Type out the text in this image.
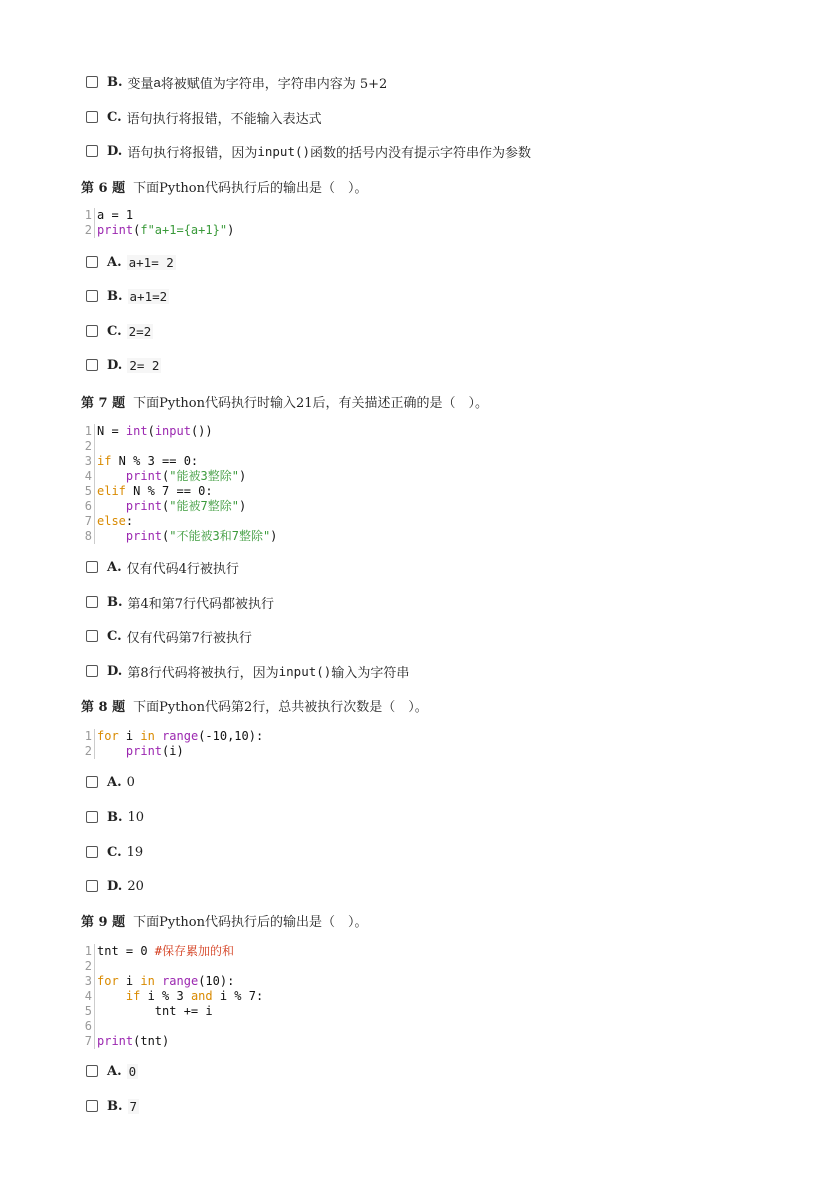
B. 变量 a 将被赋值为字符串，字符串内容为 5+2
C. 语句执行将报错，不能输入表达式
D. 语句执行将报错，因为 input() 函数的括号内没有提示字符串作为参数
第 6 题 下面Python代码执行后的输出是（　）。
1 a = 1
2 print(f"a+1={a+1}")
A. a+1= 2
B. a+1=2
C. 2=2
D. 2= 2
第 7 题 下面Python代码执行时输入21后，有关描述正确的是（　）。
1 N = int(input())
2
3 if N % 3 == 0:
4	print("能被3整除")
5 elif N % 7 == 0:
6	print("能被7整除")
7 else:
8	print("不能被3和7整除")
A. 仅有代码4行被执行
B. 第4和第7行代码都被执行
C. 仅有代码第7行被执行
D. 第8行代码将被执行，因为 input() 输入为字符串
第 8 题 下面Python代码第2行，总共被执行次数是（　）。
1 for i in range(-10,10):
2	print(i)
A. 0
B. 10
C. 19
D. 20
第 9 题 下面Python代码执行后的输出是（　）。
1 tnt = 0 #保存累加的和
2
3 for i in range(10):
4	if i % 3 and i % 7:
5 tnt += i
6
7 print(tnt)
A. 0
B. 7
